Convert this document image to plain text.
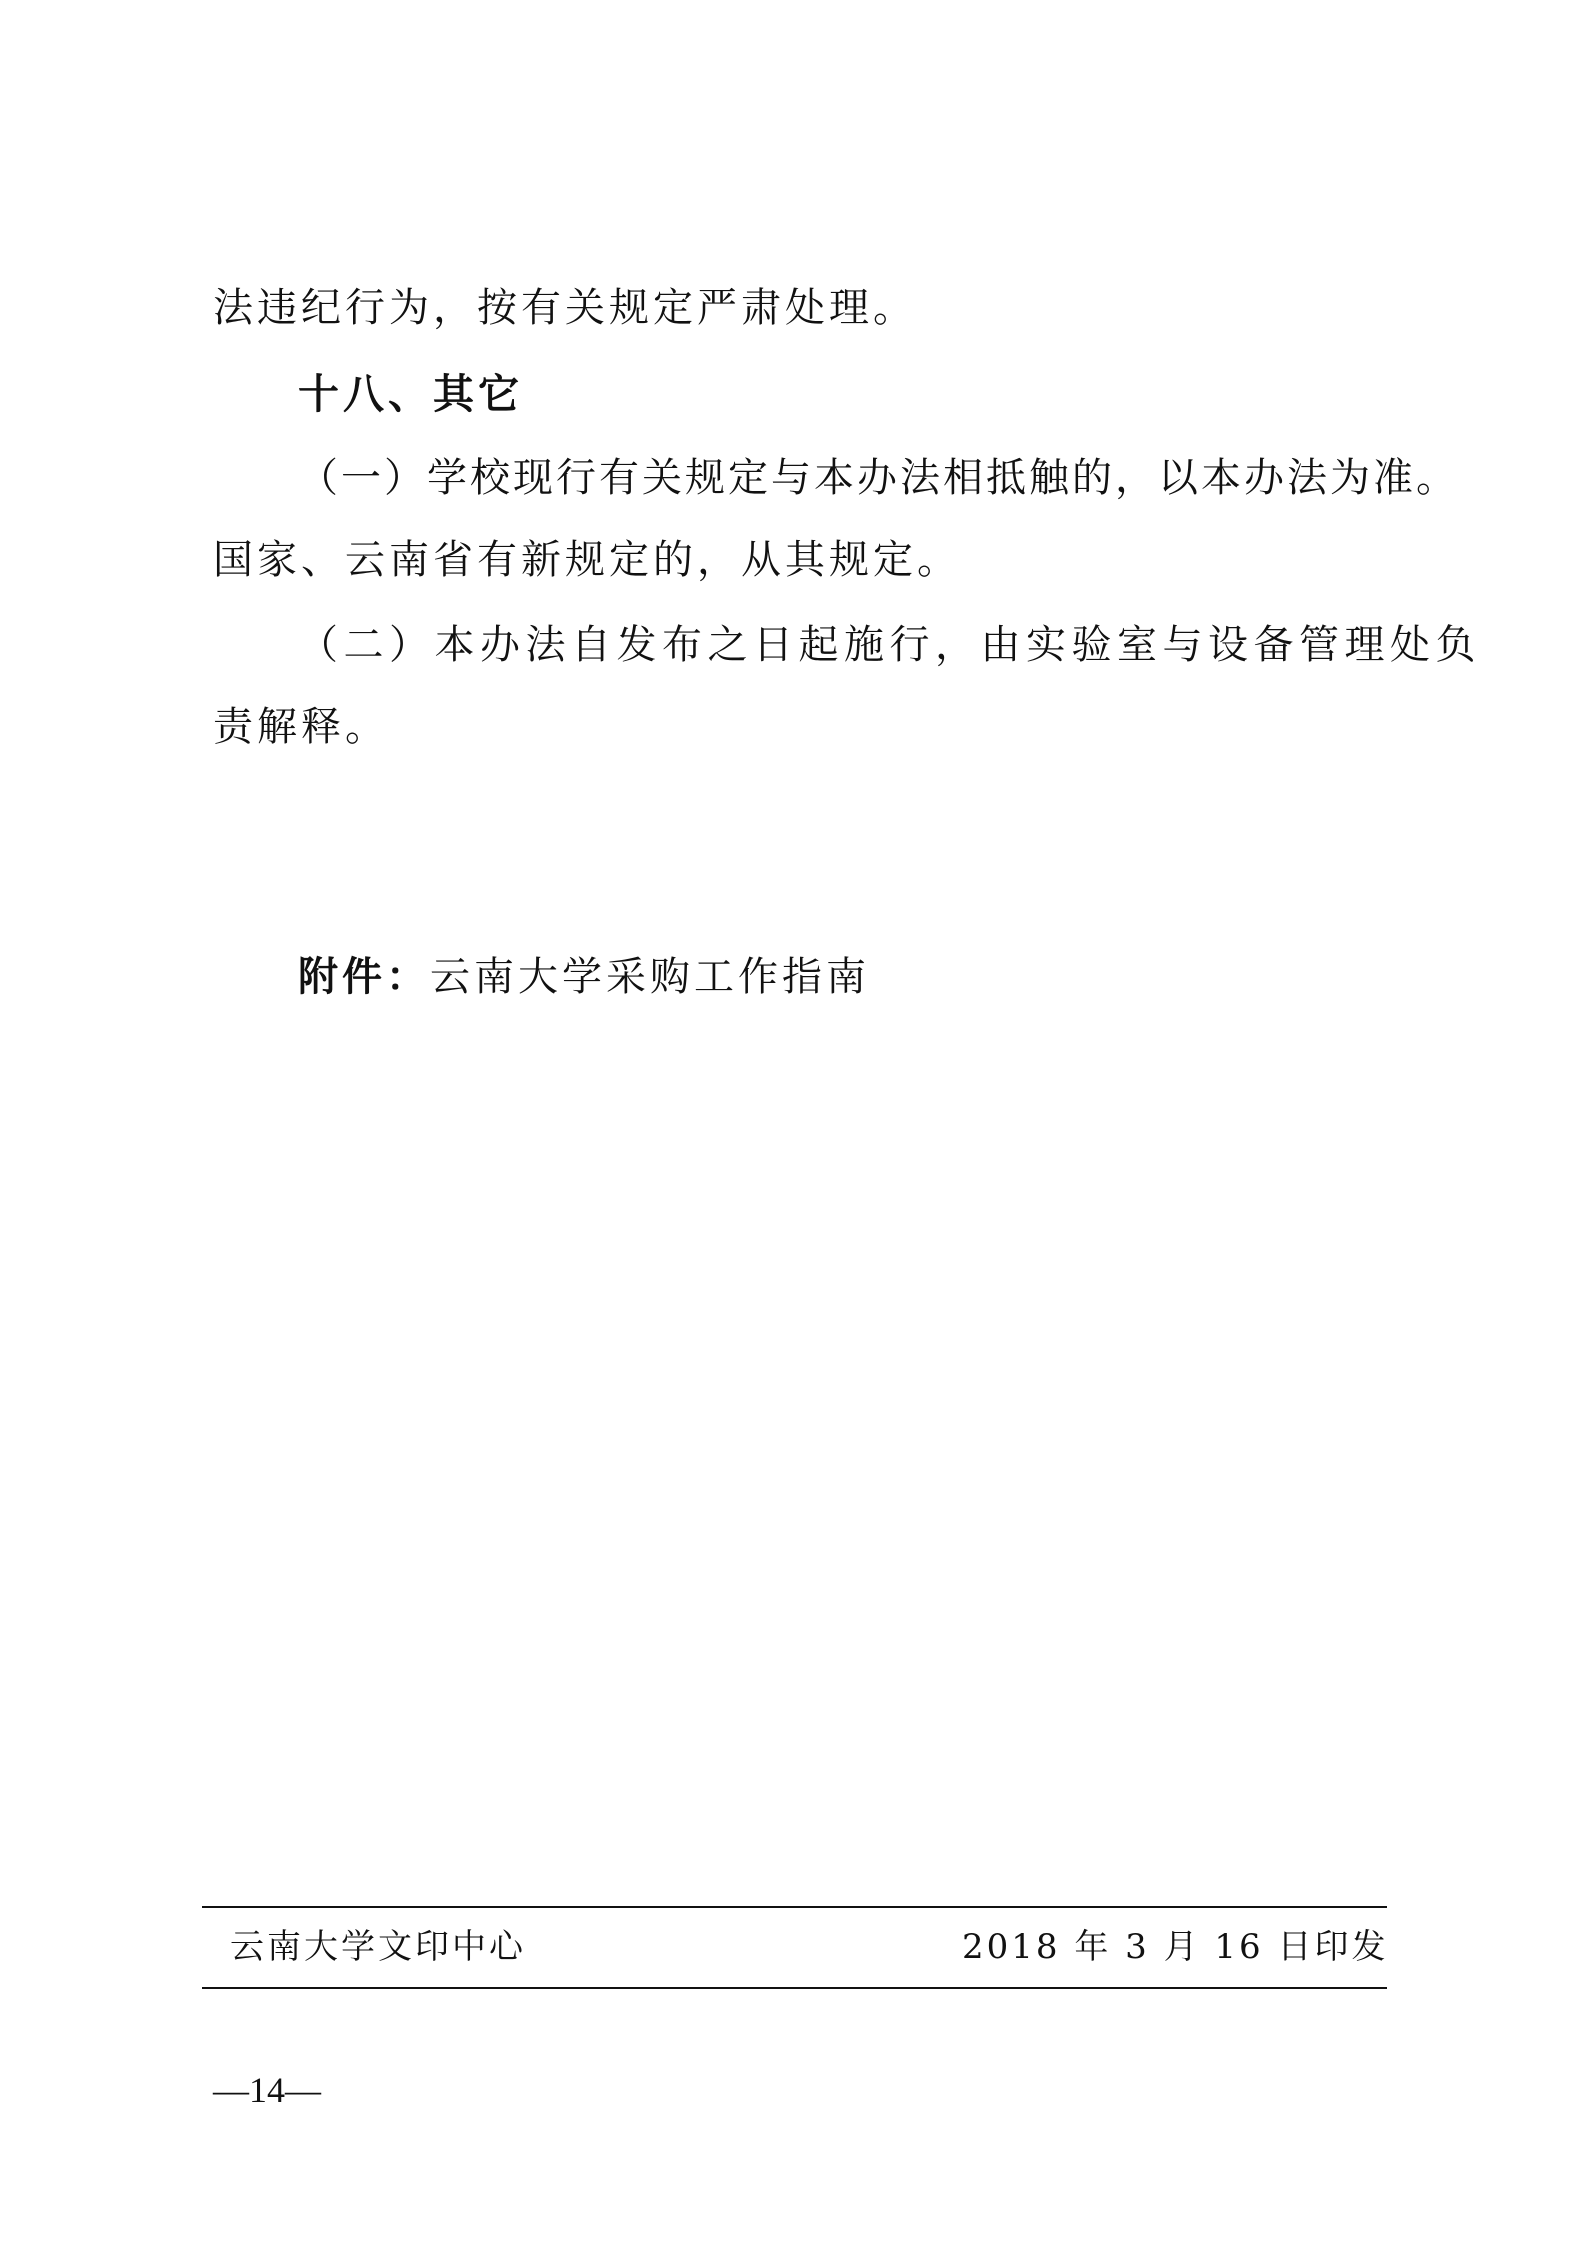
法违纪行为，按有关规定严肃处理。
十八、其它
（一）学校现行有关规定与本办法相抵触的，以本办法为准。
国家、云南省有新规定的，从其规定。
（二）本办法自发布之日起施行，由实验室与设备管理处负
责解释。
附件：云南大学采购工作指南
云南大学文印中心	2018 年 3 月 16 日印发
—14—
